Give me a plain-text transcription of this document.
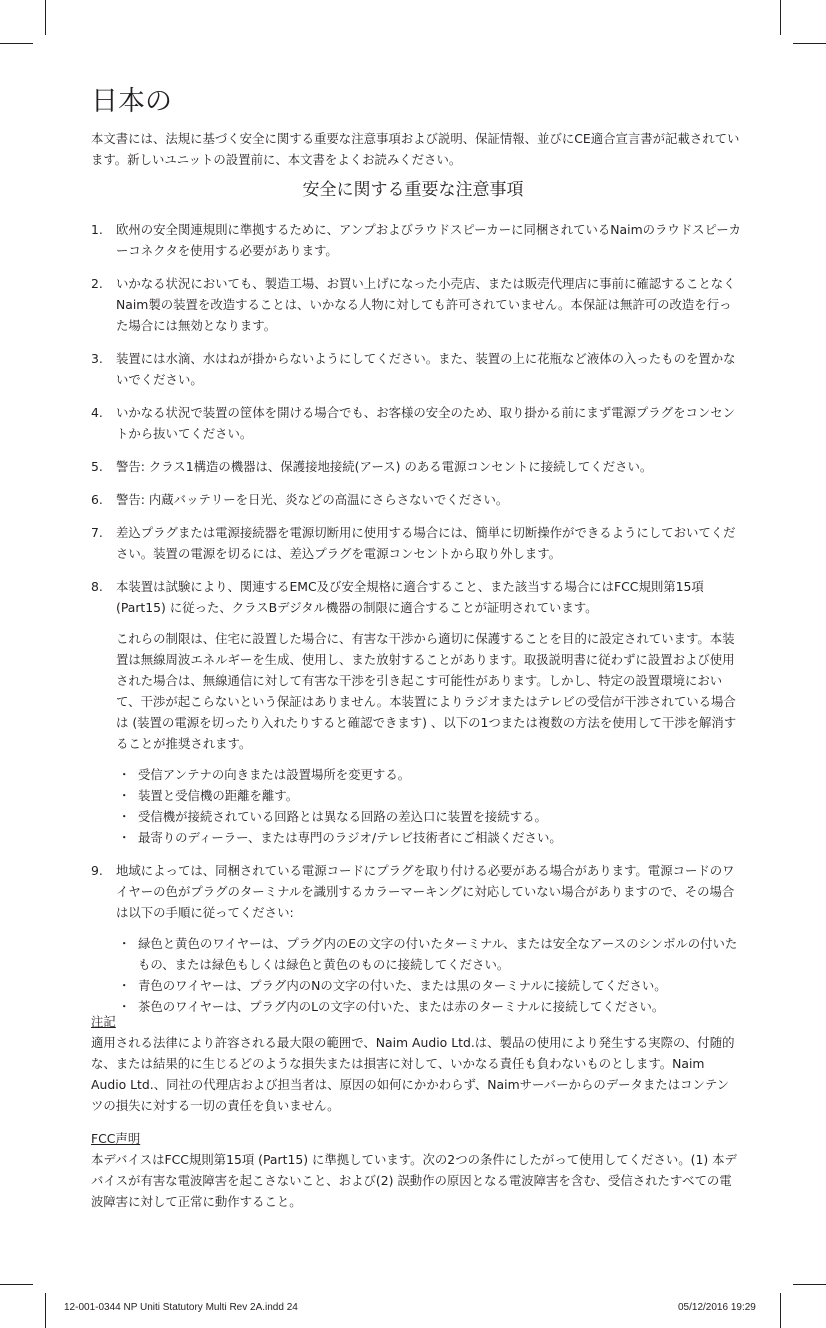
日本の
本文書には、法規に基づく安全に関する重要な注意事項および説明、保証情報、並びにCE適合宣言書が記載されています。新しいユニットの設置前に、本文書をよくお読みください。
安全に関する重要な注意事項
1. 欧州の安全関連規則に準拠するために、アンプおよびラウドスピーカーに同梱されているNaimのラウドスピーカーコネクタを使用する必要があります。
2. いかなる状況においても、製造工場、お買い上げになった小売店、または販売代理店に事前に確認することなくNaim製の装置を改造することは、いかなる人物に対しても許可されていません。本保証は無許可の改造を行った場合には無効となります。
3. 装置には水滴、水はねが掛からないようにしてください。また、装置の上に花瓶など液体の入ったものを置かないでください。
4. いかなる状況で装置の筐体を開ける場合でも、お客様の安全のため、取り掛かる前にまず電源プラグをコンセントから抜いてください。
5. 警告: クラス1構造の機器は、保護接地接続(アース) のある電源コンセントに接続してください。
6. 警告: 内蔵バッテリーを日光、炎などの高温にさらさないでください。
7. 差込プラグまたは電源接続器を電源切断用に使用する場合には、簡単に切断操作ができるようにしておいてください。装置の電源を切るには、差込プラグを電源コンセントから取り外します。
8. 本装置は試験により、関連するEMC及び安全規格に適合すること、また該当する場合にはFCC規則第15項 (Part15) に従った、クラスBデジタル機器の制限に適合することが証明されています。
これらの制限は、住宅に設置した場合に、有害な干渉から適切に保護することを目的に設定されています。本装置は無線周波エネルギーを生成、使用し、また放射することがあります。取扱説明書に従わずに設置および使用された場合は、無線通信に対して有害な干渉を引き起こす可能性があります。しかし、特定の設置環境において、干渉が起こらないという保証はありません。本装置によりラジオまたはテレビの受信が干渉されている場合は (装置の電源を切ったり入れたりすると確認できます) 、以下の1つまたは複数の方法を使用して干渉を解消することが推奨されます。
・ 受信アンテナの向きまたは設置場所を変更する。
・ 装置と受信機の距離を離す。
・ 受信機が接続されている回路とは異なる回路の差込口に装置を接続する。
・ 最寄りのディーラー、または専門のラジオ/テレビ技術者にご相談ください。
9. 地域によっては、同梱されている電源コードにプラグを取り付ける必要がある場合があります。電源コードのワイヤーの色がプラグのターミナルを識別するカラーマーキングに対応していない場合がありますので、その場合は以下の手順に従ってください:
・ 緑色と黄色のワイヤーは、プラグ内のEの文字の付いたターミナル、または安全なアースのシンボルの付いたもの、または緑色もしくは緑色と黄色のものに接続してください。
・ 青色のワイヤーは、プラグ内のNの文字の付いた、または黒のターミナルに接続してください。
・ 茶色のワイヤーは、プラグ内のLの文字の付いた、または赤のターミナルに接続してください。
注記
適用される法律により許容される最大限の範囲で、Naim Audio Ltd.は、製品の使用により発生する実際の、付随的な、または結果的に生じるどのような損失または損害に対して、いかなる責任も負わないものとします。Naim Audio Ltd.、同社の代理店および担当者は、原因の如何にかかわらず、Naimサーバーからのデータまたはコンテンツの損失に対する一切の責任を負いません。
FCC声明
本デバイスはFCC規則第15項 (Part15) に準拠しています。次の2つの条件にしたがって使用してください。(1) 本デバイスが有害な電波障害を起こさないこと、および(2) 誤動作の原因となる電波障害を含む、受信されたすべての電波障害に対して正常に動作すること。
12-001-0344 NP Uniti Statutory Multi Rev 2A.indd 24	05/12/2016 19:29
